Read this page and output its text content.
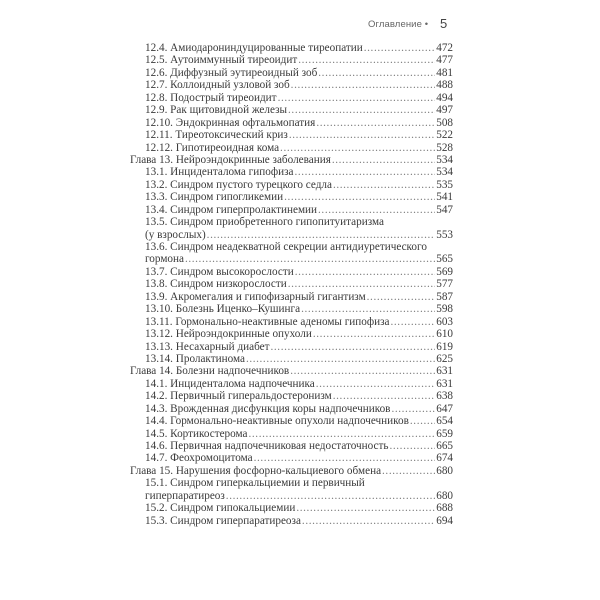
Оглавление • 5
12.4. Амиодарониндуцированные тиреопатии .....	472
12.5. Аутоиммунный тиреоидит .....	477
12.6. Диффузный эутиреоидный зоб .....	481
12.7. Коллоидный узловой зоб .....	488
12.8. Подострый тиреоидит .....	494
12.9. Рак щитовидной железы .....	497
12.10. Эндокринная офтальмопатия .....	508
12.11. Тиреотоксический криз .....	522
12.12. Гипотиреоидная кома .....	528
Глава 13. Нейроэндокринные заболевания .....	534
13.1. Инциденталома гипофиза .....	534
13.2. Синдром пустого турецкого седла .....	535
13.3. Синдром гипогликемии .....	541
13.4. Синдром гиперпролактинемии .....	547
13.5. Синдром приобретенного гипопитуитаризма
(у взрослых) .....	553
13.6. Синдром неадекватной секреции антидиуретического
гормона .....	565
13.7. Синдром высокорослости .....	569
13.8. Синдром низкорослости .....	577
13.9. Акромегалия и гипофизарный гигантизм .....	587
13.10. Болезнь Иценко–Кушинга .....	598
13.11. Гормонально-неактивные аденомы гипофиза .....	603
13.12. Нейроэндокринные опухоли .....	610
13.13. Несахарный диабет .....	619
13.14. Пролактинома .....	625
Глава 14. Болезни надпочечников .....	631
14.1. Инциденталома надпочечника .....	631
14.2. Первичный гиперальдостеронизм .....	638
14.3. Врожденная дисфункция коры надпочечников .....	647
14.4. Гормонально-неактивные опухоли надпочечников ..... 654
14.5. Кортикостерома .....	659
14.6. Первичная надпочечниковая недостаточность .....	665
14.7. Феохромоцитома .....	674
Глава 15. Нарушения фосфорно-кальциевого обмена .....	680
15.1. Синдром гиперкальциемии и первичный
гиперпаратиреоз .....	680
15.2. Синдром гипокальциемии .....	688
15.3. Синдром гиперпаратиреоза .....	694
